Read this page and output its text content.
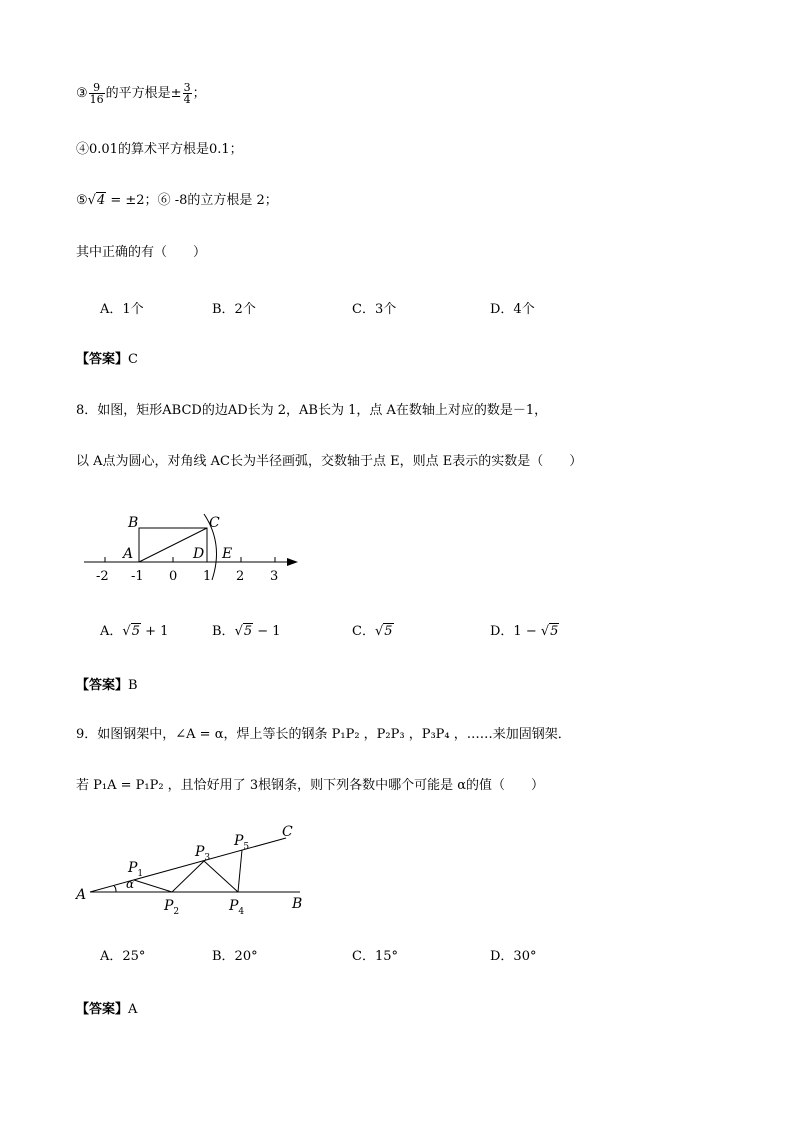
③ $\frac{9}{16}$ 的平方根是± $\frac{3}{4}$ ；
④0.01的算术平方根是0.1；
⑤√4 = ±2；⑥ -8的立方根是 2；
其中正确的有（　　）
A．1个	B．2个	C．3个	D．4个
【答案】C
8．如图，矩形ABCD的边AD长为 2，AB长为 1，点 A在数轴上对应的数是－1，
以 A点为圆心，对角线 AC长为半径画弧，交数轴于点 E，则点 E表示的实数是（　　）
B	C
A	D E
-2 -1 0 1 2 3
A．√5 + 1	B．√5 − 1	C．√5	D．1 − √5
【答案】B
9．如图钢架中，∠A = α，焊上等长的钢条 P₁P₂ ，P₂P₃ ，P₃P₄ ，……来加固钢架．
若 P₁A = P₁P₂ ，且恰好用了 3根钢条，则下列各数中哪个可能是 α的值（　　）
A
B
C
α
$P_1$
$P_2$
$P_3$
$P_4$
$P_5$
A．25°	B．20°	C．15°	D．30°
【答案】A
